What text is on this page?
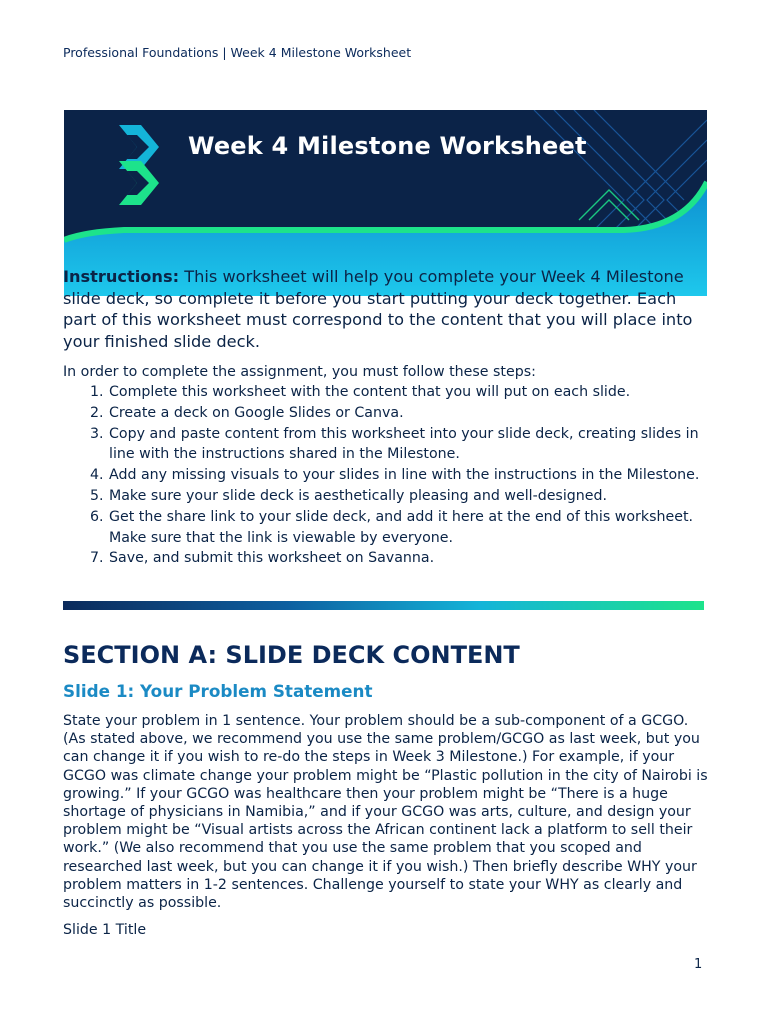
Professional Foundations | Week 4 Milestone Worksheet
Week 4 Milestone Worksheet
Instructions: This worksheet will help you complete your Week 4 Milestone slide deck, so complete it before you start putting your deck together. Each part of this worksheet must correspond to the content that you will place into your finished slide deck.
In order to complete the assignment, you must follow these steps:
1. Complete this worksheet with the content that you will put on each slide.
2. Create a deck on Google Slides or Canva.
3. Copy and paste content from this worksheet into your slide deck, creating slides in line with the instructions shared in the Milestone.
4. Add any missing visuals to your slides in line with the instructions in the Milestone.
5. Make sure your slide deck is aesthetically pleasing and well-designed.
6. Get the share link to your slide deck, and add it here at the end of this worksheet. Make sure that the link is viewable by everyone.
7. Save, and submit this worksheet on Savanna.
SECTION A: SLIDE DECK CONTENT
Slide 1: Your Problem Statement
State your problem in 1 sentence. Your problem should be a sub-component of a GCGO. (As stated above, we recommend you use the same problem/GCGO as last week, but you can change it if you wish to re-do the steps in Week 3 Milestone.) For example, if your GCGO was climate change your problem might be “Plastic pollution in the city of Nairobi is growing.” If your GCGO was healthcare then your problem might be “There is a huge shortage of physicians in Namibia,” and if your GCGO was arts, culture, and design your problem might be “Visual artists across the African continent lack a platform to sell their work.” (We also recommend that you use the same problem that you scoped and researched last week, but you can change it if you wish.) Then briefly describe WHY your problem matters in 1-2 sentences. Challenge yourself to state your WHY as clearly and succinctly as possible.
Slide 1 Title
1
